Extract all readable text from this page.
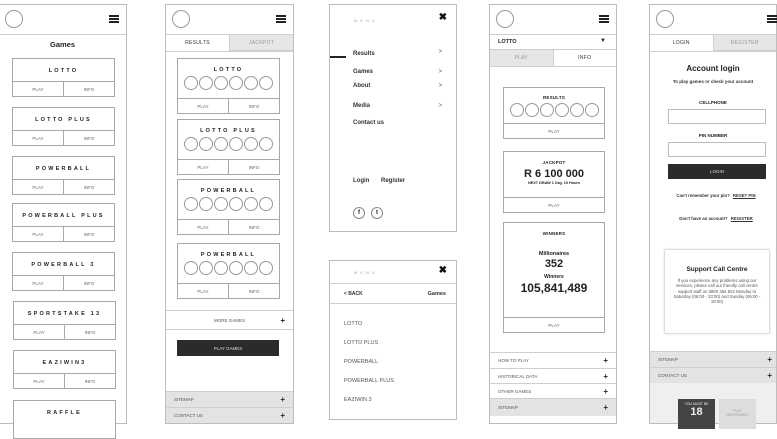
Games
LOTTO
PLAY	INFO
LOTTO PLUS
PLAY	INFO
POWERBALL
PLAY	INFO
POWERBALL PLUS
PLAY	INFO
POWERBALL 3
PLAY	INFO
SPORTSTAKE 13
PLAY	INFO
EAZIWIN3
PLAY	INFO
RAFFLE
RESULTS	JACKPOT
LOTTO
PLAY	INFO
LOTTO PLUS
PLAY	INFO
POWERBALL
PLAY	INFO
POWERBALL
PLAY	INFO
MORE GAMES	+
PLAY GAMES
SITEMAP	+
CONTACT US	+
MENU	✖
Results	>
Games	>
About	>
Media	>
Contact us
Login Register
f	t
MENU	✖
< BACK	Games
LOTTO
LOTTO PLUS
POWERBALL
POWERBALL PLUS
EAZIWIN 3
LOTTO	▼
PLAY	INFO
RESULTS
PLAY
JACKPOT
R 6 100 000
NEXT DRAW 1 Day, 10 Hours
PLAY
WINNERS
Millionaires
352
Winners
105,841,489
PLAY
HOW TO PLAY	+
HISTORICAL DATA	+
OTHER GAMES	+
SITEMAP	+
LOGIN	REGISTER
Account login
To play games or check your account
CELLPHONE
PIN NUMBER
LOGIN
Can't remember your pin? RESET PIN
Don't have an account? REGISTER
Support Call Centre
If you experience any problems using our services, please call our friendly call centre support staff on 0800 484 822 Monday to Saturday (06:00 - 23:00) and Sunday (06:00 - 18:00)
SITEMAP	+
CONTACT US	+
YOU MUST BE
18	PLAY RESPONSIBLY
